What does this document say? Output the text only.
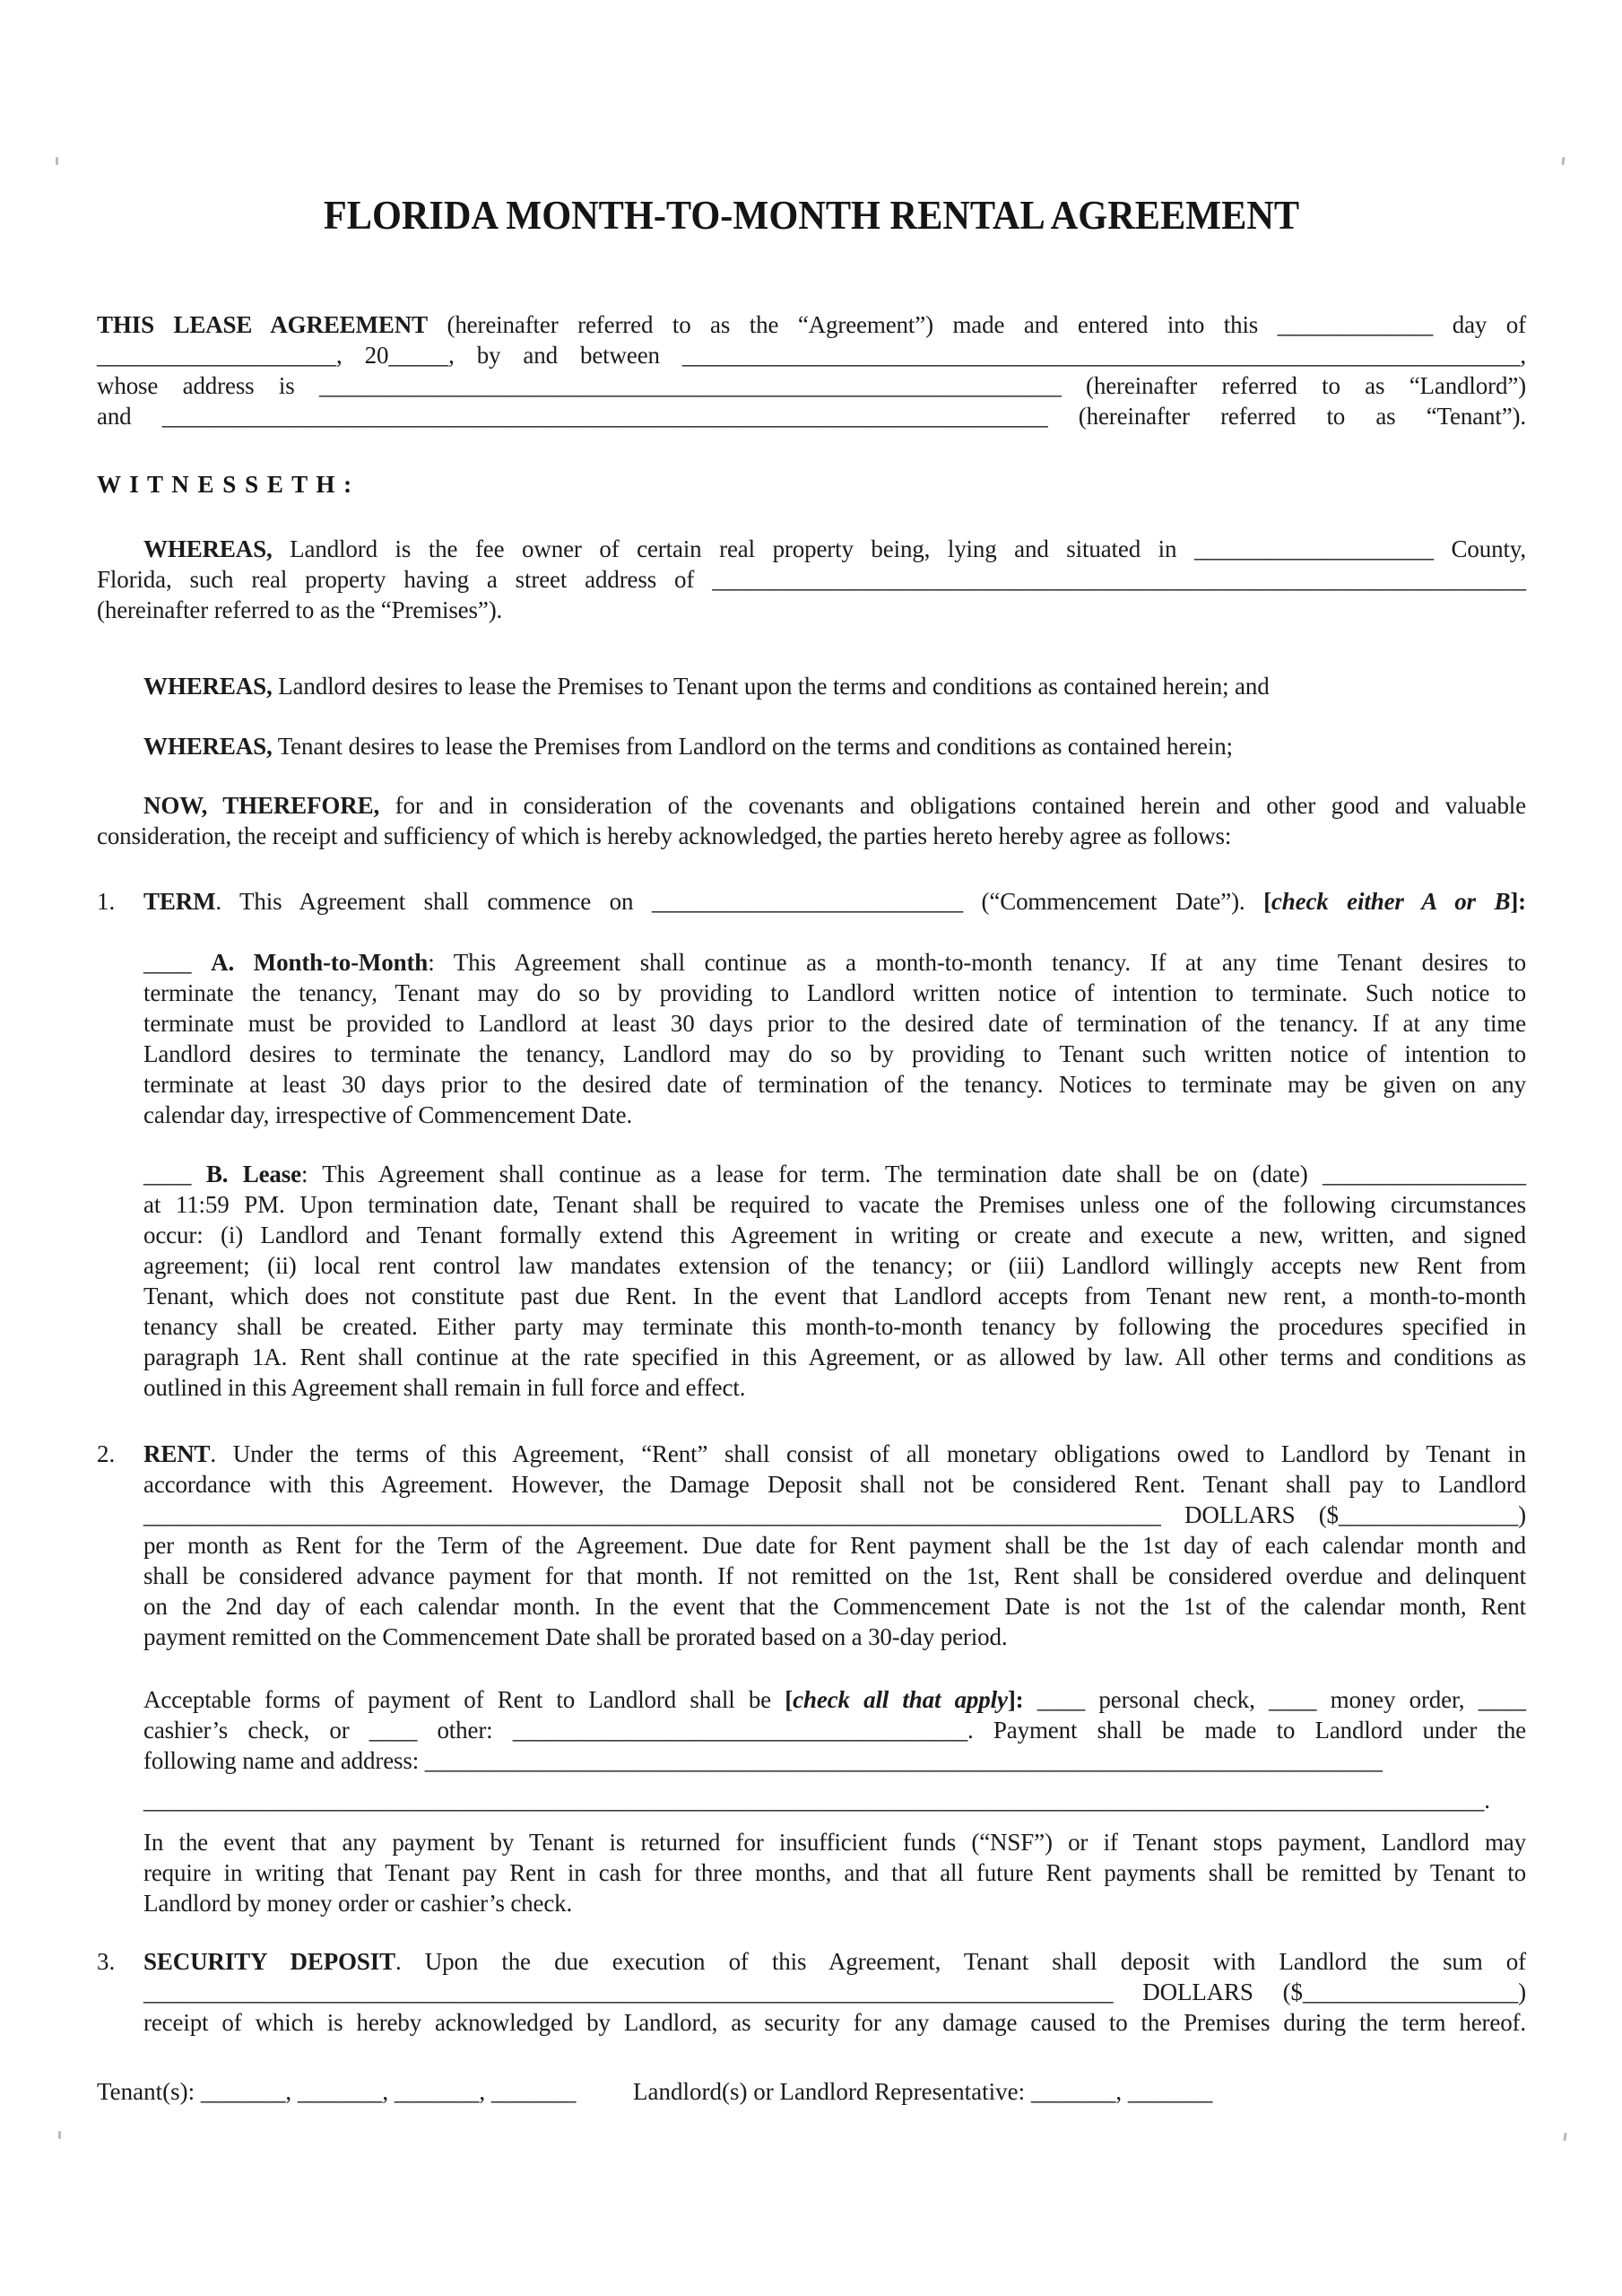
FLORIDA MONTH-TO-MONTH RENTAL AGREEMENT
THIS LEASE AGREEMENT (hereinafter referred to as the “Agreement”) made and entered into this _____________ day of
____________________, 20_____, by and between ______________________________________________________________________,
whose address is ______________________________________________________________ (hereinafter referred to as “Landlord”)
and __________________________________________________________________________ (hereinafter referred to as “Tenant”).
W I T N E S S E T H :
WHEREAS, Landlord is the fee owner of certain real property being, lying and situated in ____________________ County,
Florida, such real property having a street address of ____________________________________________________________________
(hereinafter referred to as the “Premises”).
WHEREAS, Landlord desires to lease the Premises to Tenant upon the terms and conditions as contained herein; and
WHEREAS, Tenant desires to lease the Premises from Landlord on the terms and conditions as contained herein;
NOW, THEREFORE, for and in consideration of the covenants and obligations contained herein and other good and valuable
consideration, the receipt and sufficiency of which is hereby acknowledged, the parties hereto hereby agree as follows:
1. TERM. This Agreement shall commence on __________________________ (“Commencement Date”). [check either A or B]:
____ A. Month-to-Month: This Agreement shall continue as a month-to-month tenancy. If at any time Tenant desires to
terminate the tenancy, Tenant may do so by providing to Landlord written notice of intention to terminate. Such notice to
terminate must be provided to Landlord at least 30 days prior to the desired date of termination of the tenancy. If at any time
Landlord desires to terminate the tenancy, Landlord may do so by providing to Tenant such written notice of intention to
terminate at least 30 days prior to the desired date of termination of the tenancy. Notices to terminate may be given on any
calendar day, irrespective of Commencement Date.
____ B. Lease: This Agreement shall continue as a lease for term. The termination date shall be on (date) _________________
at 11:59 PM. Upon termination date, Tenant shall be required to vacate the Premises unless one of the following circumstances
occur: (i) Landlord and Tenant formally extend this Agreement in writing or create and execute a new, written, and signed
agreement; (ii) local rent control law mandates extension of the tenancy; or (iii) Landlord willingly accepts new Rent from
Tenant, which does not constitute past due Rent. In the event that Landlord accepts from Tenant new rent, a month-to-month
tenancy shall be created. Either party may terminate this month-to-month tenancy by following the procedures specified in
paragraph 1A. Rent shall continue at the rate specified in this Agreement, or as allowed by law. All other terms and conditions as
outlined in this Agreement shall remain in full force and effect.
2. RENT. Under the terms of this Agreement, “Rent” shall consist of all monetary obligations owed to Landlord by Tenant in
accordance with this Agreement. However, the Damage Deposit shall not be considered Rent. Tenant shall pay to Landlord
_____________________________________________________________________________________ DOLLARS ($_______________)
per month as Rent for the Term of the Agreement. Due date for Rent payment shall be the 1st day of each calendar month and
shall be considered advance payment for that month. If not remitted on the 1st, Rent shall be considered overdue and delinquent
on the 2nd day of each calendar month. In the event that the Commencement Date is not the 1st of the calendar month, Rent
payment remitted on the Commencement Date shall be prorated based on a 30-day period.
Acceptable forms of payment of Rent to Landlord shall be [check all that apply]: ____ personal check, ____ money order, ____
cashier’s check, or ____ other: ______________________________________. Payment shall be made to Landlord under the
following name and address: ________________________________________________________________________________
________________________________________________________________________________________________________________.
In the event that any payment by Tenant is returned for insufficient funds (“NSF”) or if Tenant stops payment, Landlord may
require in writing that Tenant pay Rent in cash for three months, and that all future Rent payments shall be remitted by Tenant to
Landlord by money order or cashier’s check.
3. SECURITY DEPOSIT. Upon the due execution of this Agreement, Tenant shall deposit with Landlord the sum of
_________________________________________________________________________________ DOLLARS ($__________________)
receipt of which is hereby acknowledged by Landlord, as security for any damage caused to the Premises during the term hereof.
Tenant(s): _______, _______, _______, _______ Landlord(s) or Landlord Representative: _______, _______
